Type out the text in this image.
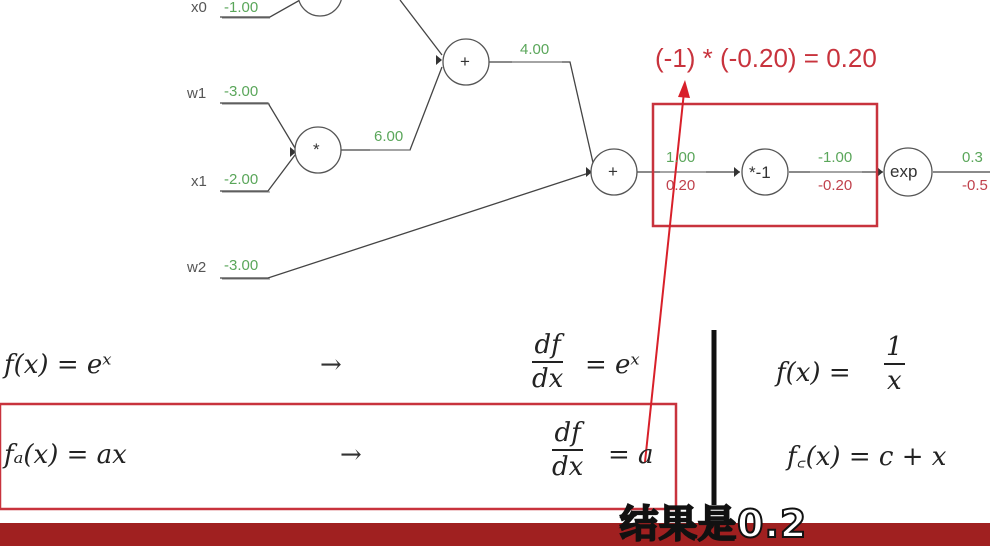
x0 -1.00
w1 -3.00
x1 -2.00
w2 -3.00
+
*
+	*-1	exp
4.00
6.00
1.00
0.20
-1.00
-0.20
0.3
-0.5
(-1) * (-0.20) = 0.20
f(x) = eˣ	→	$\frac{df}{dx}$ = eˣ
fₐ(x) = ax	→	$\frac{df}{dx} = a$
$f(x) = \frac{1}{x}$
f꜀(x) = c + x
结果是0.2
